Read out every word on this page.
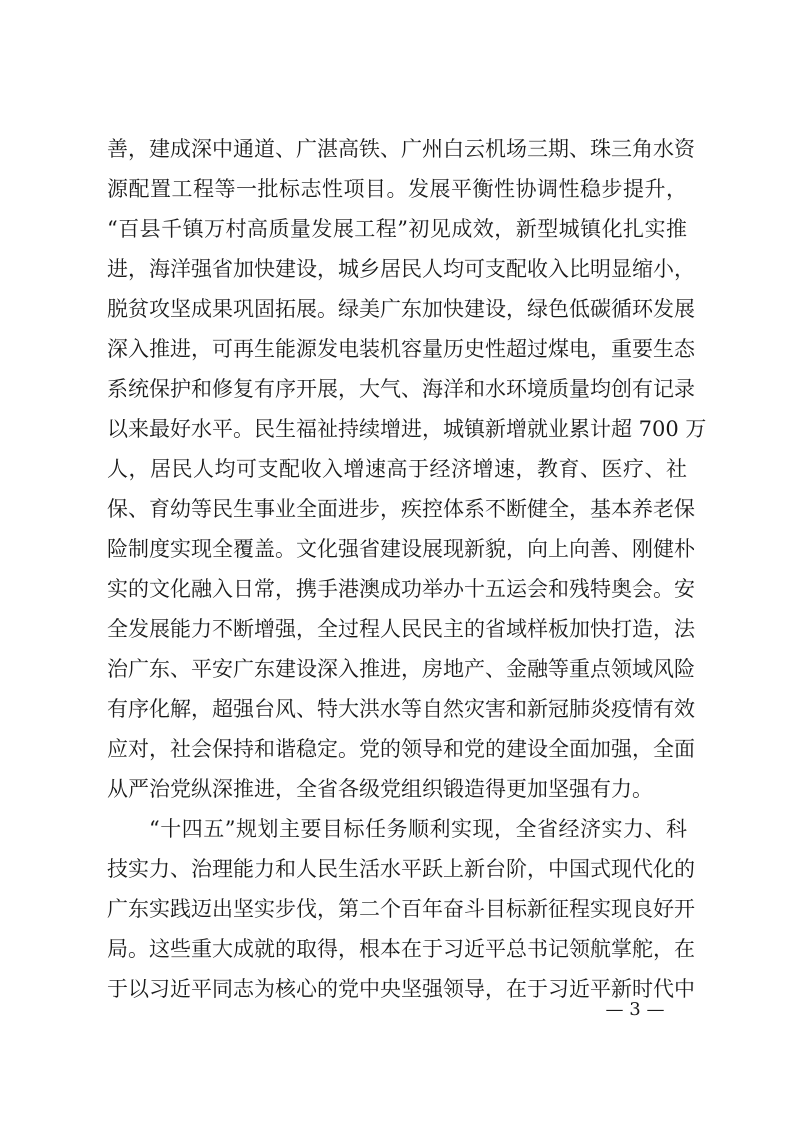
善，建成深中通道、广湛高铁、广州白云机场三期、珠三角水资
源配置工程等一批标志性项目。发展平衡性协调性稳步提升，
“百县千镇万村高质量发展工程”初见成效，新型城镇化扎实推
进，海洋强省加快建设，城乡居民人均可支配收入比明显缩小，
脱贫攻坚成果巩固拓展。绿美广东加快建设，绿色低碳循环发展
深入推进，可再生能源发电装机容量历史性超过煤电，重要生态
系统保护和修复有序开展，大气、海洋和水环境质量均创有记录
以来最好水平。民生福祉持续增进，城镇新增就业累计超 700 万
人，居民人均可支配收入增速高于经济增速，教育、医疗、社
保、育幼等民生事业全面进步，疾控体系不断健全，基本养老保
险制度实现全覆盖。文化强省建设展现新貌，向上向善、刚健朴
实的文化融入日常，携手港澳成功举办十五运会和残特奥会。安
全发展能力不断增强，全过程人民民主的省域样板加快打造，法
治广东、平安广东建设深入推进，房地产、金融等重点领域风险
有序化解，超强台风、特大洪水等自然灾害和新冠肺炎疫情有效
应对，社会保持和谐稳定。党的领导和党的建设全面加强，全面
从严治党纵深推进，全省各级党组织锻造得更加坚强有力。
“十四五”规划主要目标任务顺利实现，全省经济实力、科
技实力、治理能力和人民生活水平跃上新台阶，中国式现代化的
广东实践迈出坚实步伐，第二个百年奋斗目标新征程实现良好开
局。这些重大成就的取得，根本在于习近平总书记领航掌舵，在
于以习近平同志为核心的党中央坚强领导，在于习近平新时代中
— 3 —
